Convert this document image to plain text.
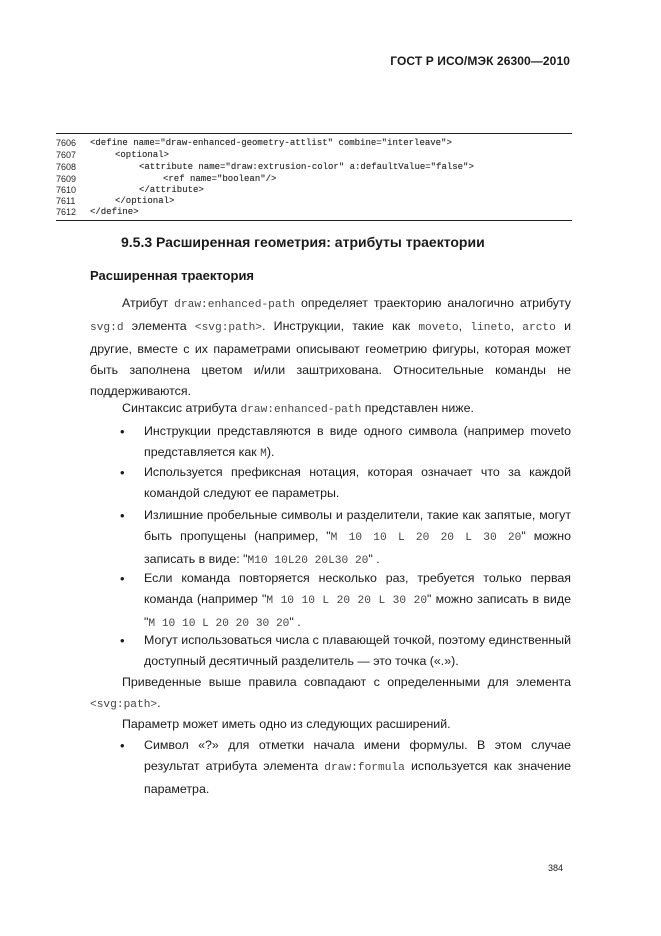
ГОСТ Р ИСО/МЭК 26300—2010
7606	<define name="draw-enhanced-geometry-attlist" combine="interleave">
7607	<optional>
7608	<attribute name="draw:extrusion-color" a:defaultValue="false">
7609	<ref name="boolean"/>
7610	</attribute>
7611	</optional>
7612	</define>
9.5.3 Расширенная геометрия: атрибуты траектории
Расширенная траектория
Атрибут draw:enhanced-path определяет траекторию аналогично атрибуту svg:d элемента <svg:path>. Инструкции, такие как moveto, lineto, arcto и другие, вместе с их параметрами описывают геометрию фигуры, которая может быть заполнена цветом и/или заштрихована. Относительные команды не поддерживаются.
Синтаксис атрибута draw:enhanced-path представлен ниже.
• Инструкции представляются в виде одного символа (например moveto представляется как M).
• Используется префиксная нотация, которая означает что за каждой командой следуют ее параметры.
• Излишние пробельные символы и разделители, такие как запятые, могут быть пропущены (например, "M 10 10 L 20 20 L 30 20" можно записать в виде: "M10 10L20 20L30 20" .
• Если команда повторяется несколько раз, требуется только первая команда (например "M 10 10 L 20 20 L 30 20" можно записать в виде "M 10 10 L 20 20 30 20" .
• Могут использоваться числа с плавающей точкой, поэтому единственный доступный десятичный разделитель — это точка («.»).
Приведенные выше правила совпадают с определенными для элемента <svg:path>.
Параметр может иметь одно из следующих расширений.
• Символ «?» для отметки начала имени формулы. В этом случае результат атрибута элемента draw:formula используется как значение параметра.
384
